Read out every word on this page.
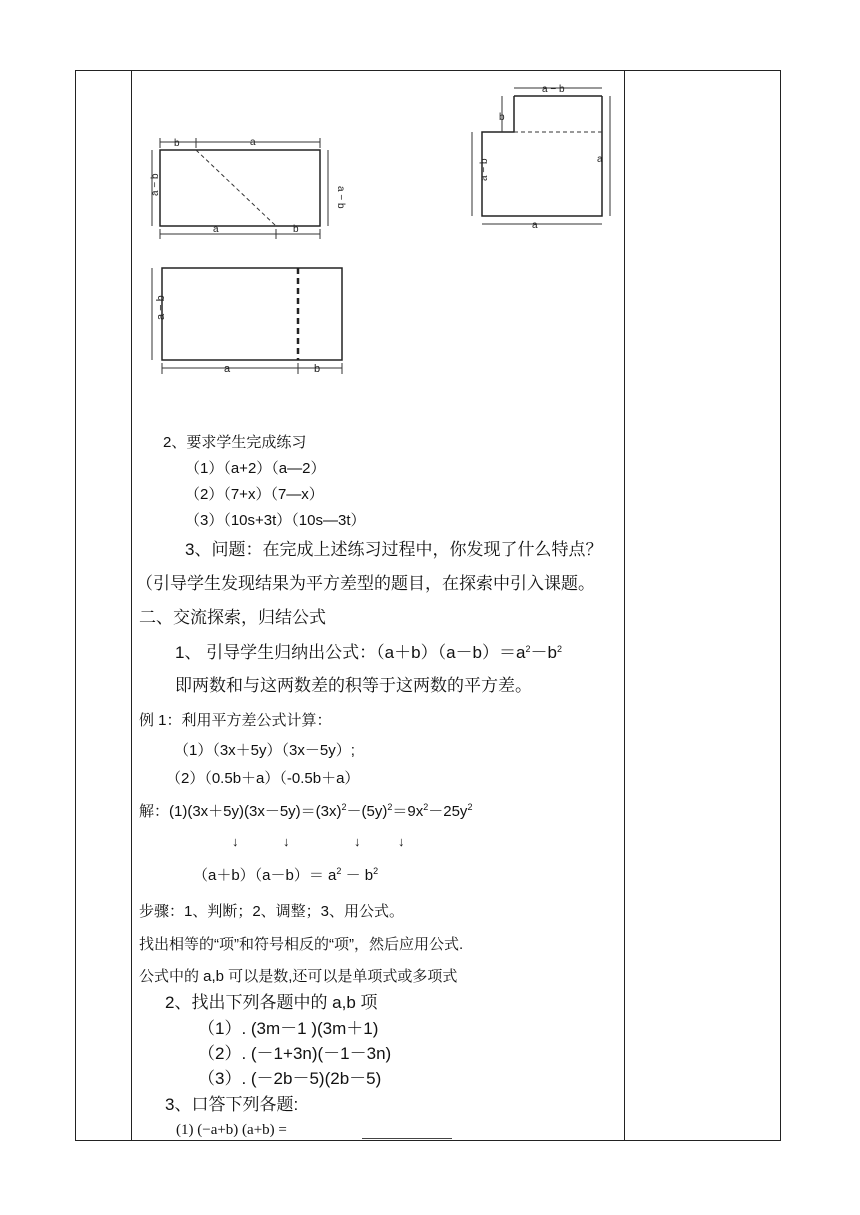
b	a
a − b
a − b
a	b
a − b
b
a − b	a
a
a − b
a	b
2、要求学生完成练习
（1）（a+2）（a—2）
（2）（7+x）（7—x）
（3）（10s+3t）（10s—3t）
3、问题：在完成上述练习过程中，你发现了什么特点？
（引导学生发现结果为平方差型的题目，在探索中引入课题。
二、交流探索，归结公式
1、 引导学生归纳出公式：$(a+b)(a-b)=a^2-b^2$
即两数和与这两数差的积等于这两数的平方差。
例 1：利用平方差公式计算：
（1）（3x＋5y）（3x－5y）;
（2）（0.5b＋a）（-0.5b＋a）
解：$(1)(3x+5y)(3x-5y)=(3x)^2-(5y)^2=9x^2-25y^2$
↓	↓	↓	↓
$(a+b)(a-b)= a^2 - b^2$
步骤：1、判断；2、调整；3、用公式。
找出相等的“项”和符号相反的“项”，然后应用公式.
公式中的 a,b 可以是数,还可以是单项式或多项式
2、找出下列各题中的 a,b 项
（1）. (3m－1 )(3m＋1)
（2）. (－1+3n)(－1－3n)
（3）. (－2b－5)(2b－5)
3、口答下列各题:
(1) (−a+b) (a+b) =
